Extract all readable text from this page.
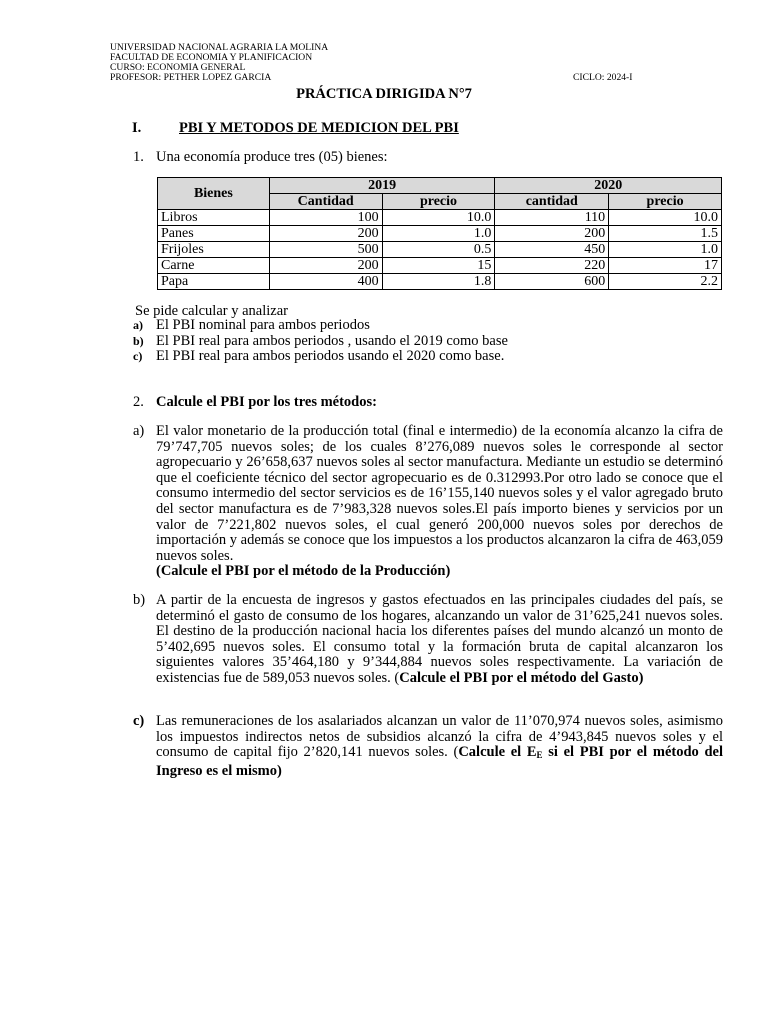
UNIVERSIDAD NACIONAL AGRARIA LA MOLINA
FACULTAD DE ECONOMIA Y PLANIFICACION
CURSO: ECONOMIA GENERAL
PROFESOR: PETHER LOPEZ GARCIA	CICLO: 2024-I
PRÁCTICA DIRIGIDA N°7
I.	PBI Y METODOS DE MEDICION DEL PBI
1. Una economía produce tres (05) bienes:
Bienes	2019		2020	
	Cantidad	precio	cantidad	precio
Libros	100	10.0	110	10.0
Panes	200	1.0	200	1.5
Frijoles	500	0.5	450	1.0
Carne	200	15	220	17
Papa	400	1.8	600	2.2
Se pide calcular y analizar
a) El PBI nominal para ambos periodos
b) El PBI real para ambos periodos , usando el 2019 como base
c) El PBI real para ambos periodos usando el 2020 como base.
2. Calcule el PBI por los tres métodos:
a) El valor monetario de la producción total (final e intermedio) de la economía alcanzo la cifra de 79’747,705 nuevos soles; de los cuales 8’276,089 nuevos soles le corresponde al sector agropecuario y 26’658,637 nuevos soles al sector manufactura. Mediante un estudio se determinó que el coeficiente técnico del sector agropecuario es de 0.312993.Por otro lado se conoce que el consumo intermedio del sector servicios es de 16’155,140 nuevos soles y el valor agregado bruto del sector manufactura es de 7’983,328 nuevos soles.El país importo bienes y servicios por un valor de 7’221,802 nuevos soles, el cual generó 200,000 nuevos soles por derechos de importación y además se conoce que los impuestos a los productos alcanzaron la cifra de 463,059 nuevos soles.
(Calcule el PBI por el método de la Producción)
b) A partir de la encuesta de ingresos y gastos efectuados en las principales ciudades del país, se determinó el gasto de consumo de los hogares, alcanzando un valor de 31’625,241 nuevos soles. El destino de la producción nacional hacia los diferentes países del mundo alcanzó un monto de 5’402,695 nuevos soles. El consumo total y la formación bruta de capital alcanzaron los siguientes valores 35’464,180 y 9’344,884 nuevos soles respectivamente. La variación de existencias fue de 589,053 nuevos soles. (Calcule el PBI por el método del Gasto)
c) Las remuneraciones de los asalariados alcanzan un valor de 11’070,974 nuevos soles, asimismo los impuestos indirectos netos de subsidios alcanzó la cifra de 4’943,845 nuevos soles y el consumo de capital fijo 2’820,141 nuevos soles. (Calcule el $E_E$ si el PBI por el método del Ingreso es el mismo)
